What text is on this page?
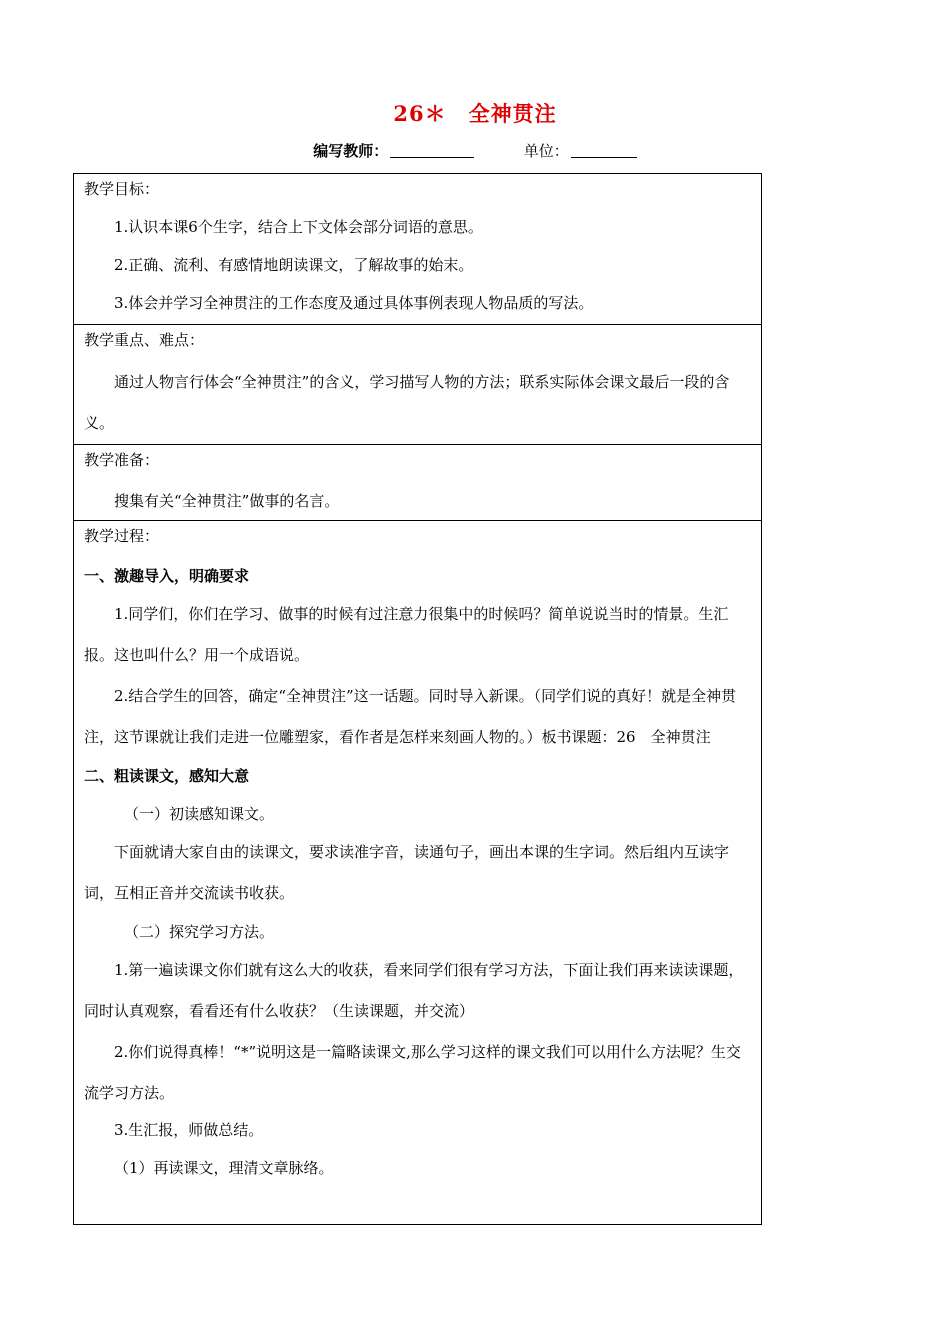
26＊ 全神贯注
编写教师：	单位：
教学目标：
1.认识本课6个生字，结合上下文体会部分词语的意思。
2.正确、流利、有感情地朗读课文，了解故事的始末。
3.体会并学习全神贯注的工作态度及通过具体事例表现人物品质的写法。
教学重点、难点：
通过人物言行体会“全神贯注”的含义，学习描写人物的方法；联系实际体会课文最后一段的含义。
教学准备：
搜集有关“全神贯注”做事的名言。
教学过程：
一、激趣导入，明确要求
1.同学们，你们在学习、做事的时候有过注意力很集中的时候吗？简单说说当时的情景。生汇报。这也叫什么？用一个成语说。
2.结合学生的回答，确定“全神贯注”这一话题。同时导入新课。（同学们说的真好！就是全神贯注，这节课就让我们走进一位雕塑家，看作者是怎样来刻画人物的。）板书课题：26　全神贯注
二、粗读课文，感知大意
（一）初读感知课文。
下面就请大家自由的读课文，要求读准字音，读通句子，画出本课的生字词。然后组内互读字词，互相正音并交流读书收获。
（二）探究学习方法。
1.第一遍读课文你们就有这么大的收获，看来同学们很有学习方法，下面让我们再来读读课题，同时认真观察，看看还有什么收获？（生读课题，并交流）
2.你们说得真棒！“*”说明这是一篇略读课文,那么学习这样的课文我们可以用什么方法呢？生交流学习方法。
3.生汇报，师做总结。
（1）再读课文，理清文章脉络。
